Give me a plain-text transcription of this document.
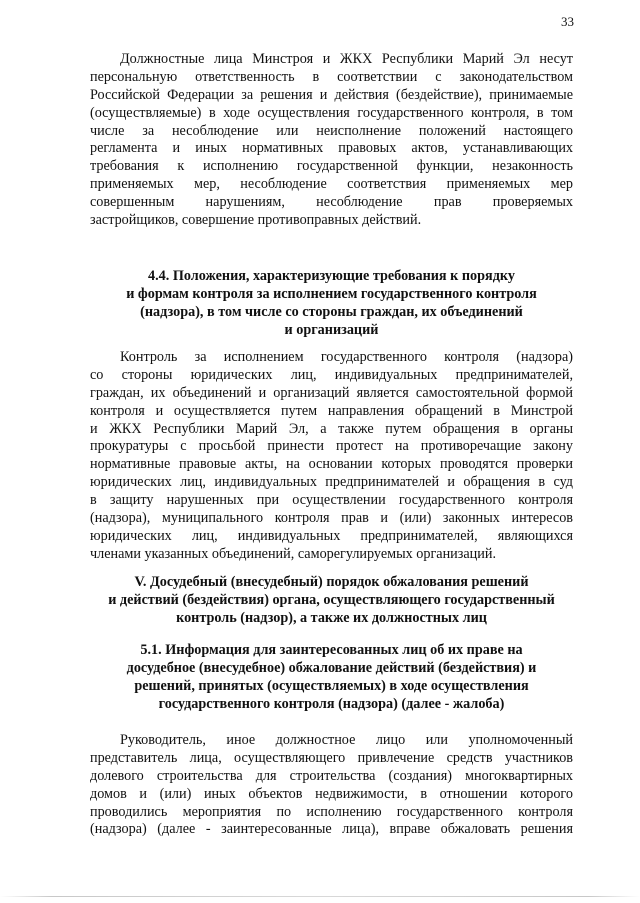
33
Должностные лица Минстроя и ЖКХ Республики Марий Эл несут
персональную ответственность в соответствии с законодательством
Российской Федерации за решения и действия (бездействие), принимаемые
(осуществляемые) в ходе осуществления государственного контроля, в том
числе за несоблюдение или неисполнение положений настоящего
регламента и иных нормативных правовых актов, устанавливающих
требования к исполнению государственной функции, незаконность
применяемых мер, несоблюдение соответствия применяемых мер
совершенным нарушениям, несоблюдение прав проверяемых
застройщиков, совершение противоправных действий.
4.4. Положения, характеризующие требования к порядку
и формам контроля за исполнением государственного контроля
(надзора), в том числе со стороны граждан, их объединений
и организаций
Контроль за исполнением государственного контроля (надзора)
со стороны юридических лиц, индивидуальных предпринимателей,
граждан, их объединений и организаций является самостоятельной формой
контроля и осуществляется путем направления обращений в Минстрой
и ЖКХ Республики Марий Эл, а также путем обращения в органы
прокуратуры с просьбой принести протест на противоречащие закону
нормативные правовые акты, на основании которых проводятся проверки
юридических лиц, индивидуальных предпринимателей и обращения в суд
в защиту нарушенных при осуществлении государственного контроля
(надзора), муниципального контроля прав и (или) законных интересов
юридических лиц, индивидуальных предпринимателей, являющихся
членами указанных объединений, саморегулируемых организаций.
V. Досудебный (внесудебный) порядок обжалования решений
и действий (бездействия) органа, осуществляющего государственный
контроль (надзор), а также их должностных лиц
5.1. Информация для заинтересованных лиц об их праве на
досудебное (внесудебное) обжалование действий (бездействия) и
решений, принятых (осуществляемых) в ходе осуществления
государственного контроля (надзора) (далее - жалоба)
Руководитель, иное должностное лицо или уполномоченный
представитель лица, осуществляющего привлечение средств участников
долевого строительства для строительства (создания) многоквартирных
домов и (или) иных объектов недвижимости, в отношении которого
проводились мероприятия по исполнению государственного контроля
(надзора) (далее - заинтересованные лица), вправе обжаловать решения
